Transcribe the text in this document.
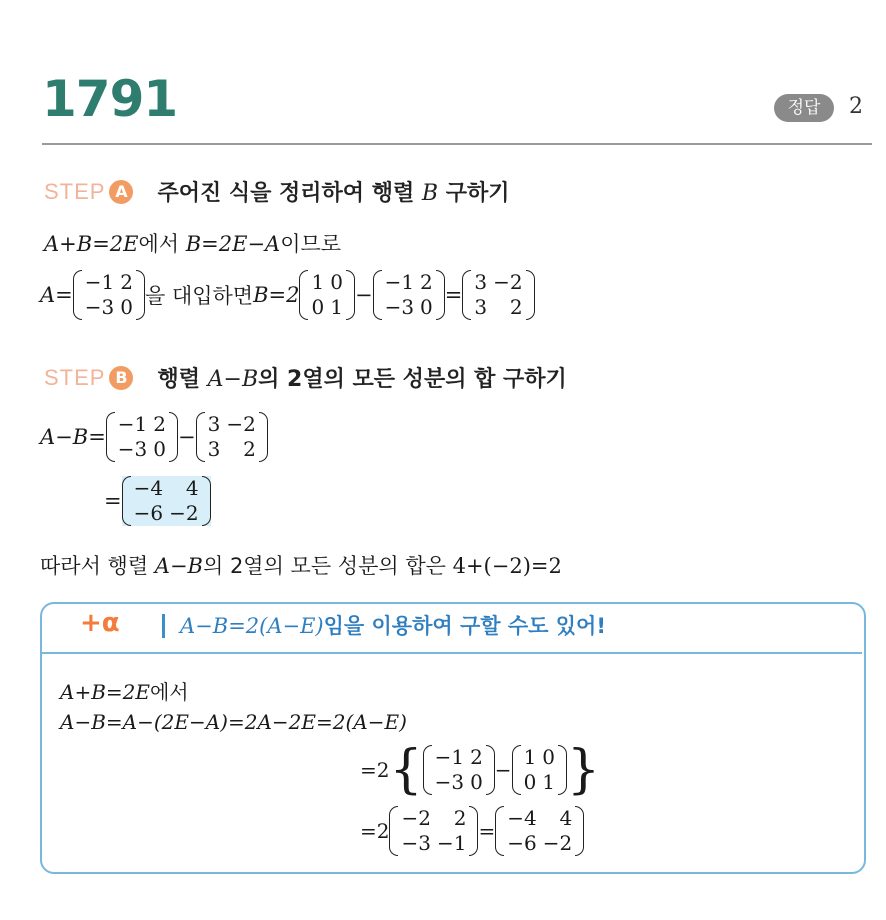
1791	정답	2
STEP A 주어진 식을 정리하여 행렬 B 구하기
A+B=2E에서 B=2E−A이므로
A=
−1	2
−3	0 을 대입하면 B=2
1	0
0	1 −
−1	2
−3	0 =
3	−2
3	2
STEP B 행렬 A−B의 2열의 모든 성분의 합 구하기
A−B=
−1	2
−3	0 −
3	−2
3	2
=
−4	4
−6	−2
따라서 행렬 A−B의 2열의 모든 성분의 합은 4+(−2)=2
+α	A−B=2(A−E)임을 이용하여 구할 수도 있어!
A+B=2E에서
A−B=A−(2E−A)=2A−2E=2(A−E)
=2 { −1	2
−3	0 −
1	0
0	1 }
=2
−2	2
−3	−1 =
−4	4
−6	−2
